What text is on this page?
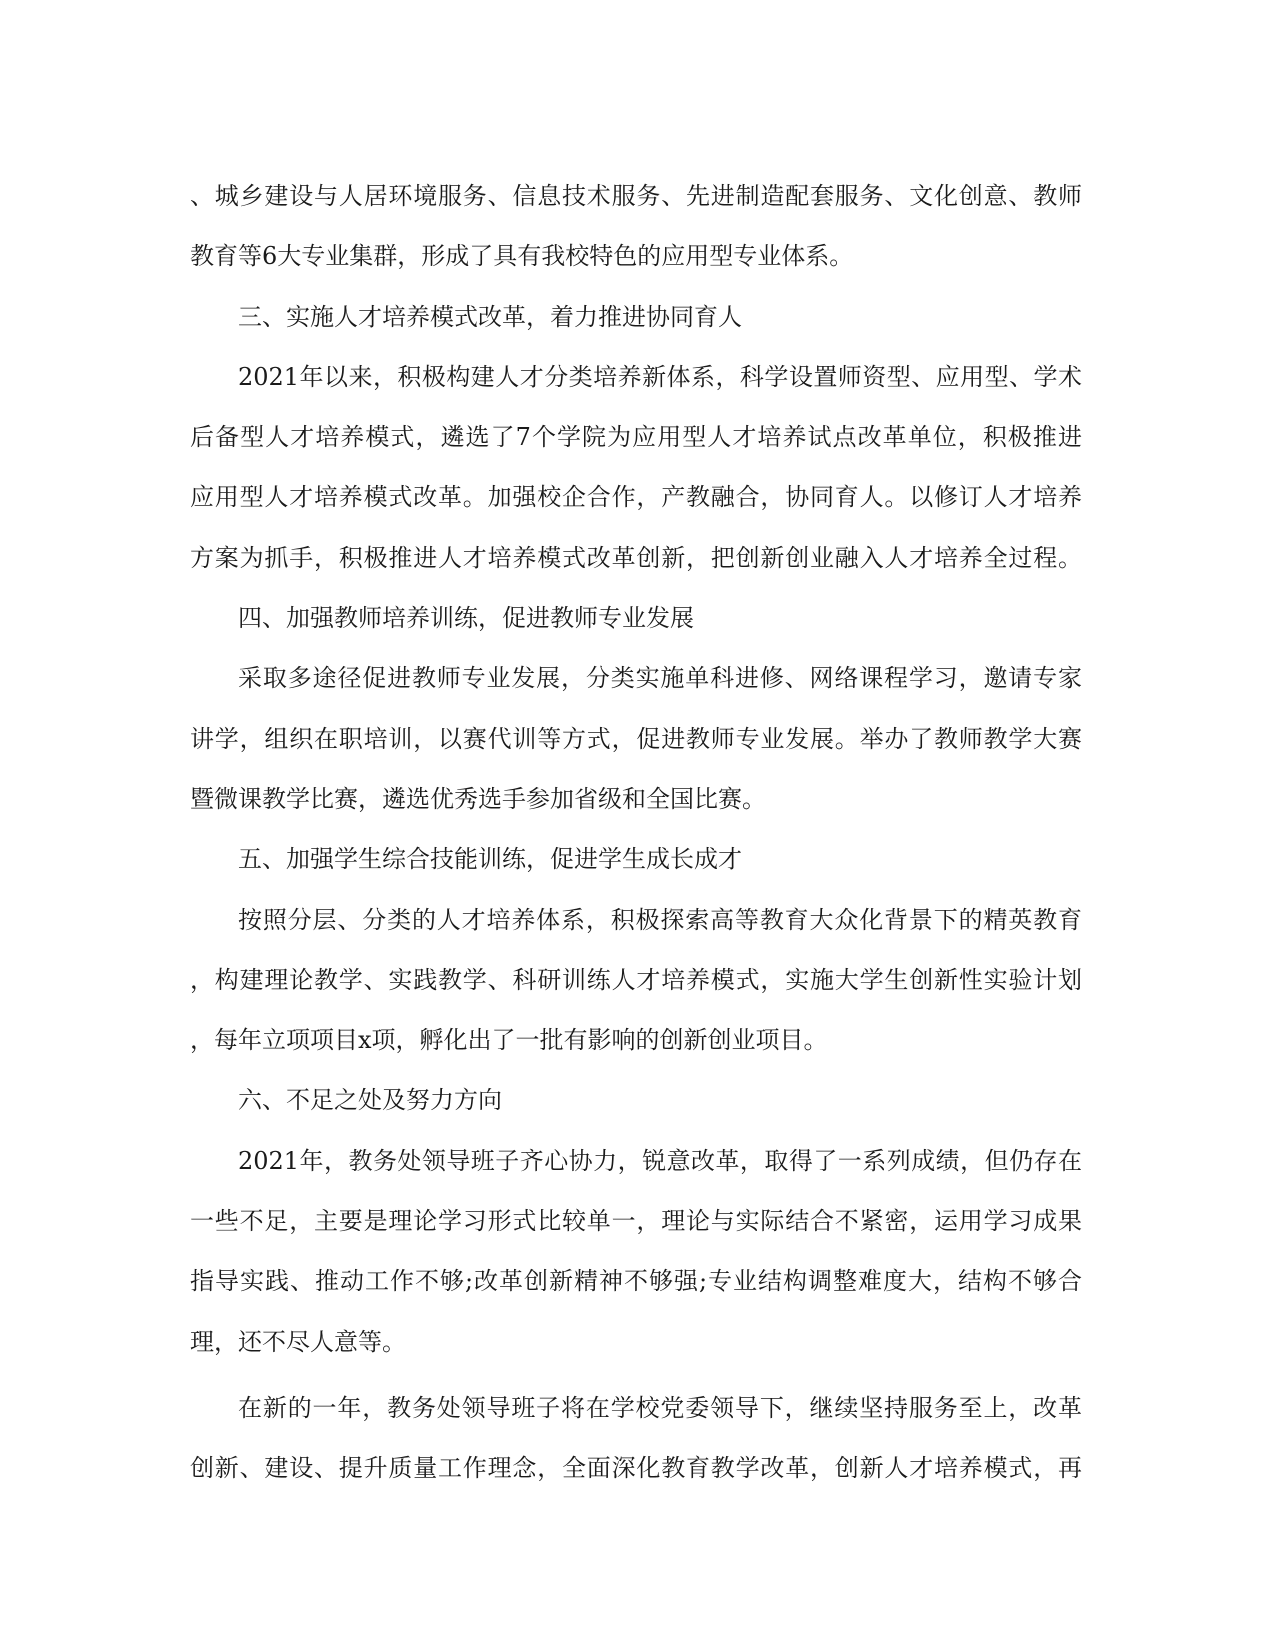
、城乡建设与人居环境服务、信息技术服务、先进制造配套服务、文化创意、教师
教育等6大专业集群，形成了具有我校特色的应用型专业体系。
三、实施人才培养模式改革，着力推进协同育人
2021年以来，积极构建人才分类培养新体系，科学设置师资型、应用型、学术
后备型人才培养模式，遴选了7个学院为应用型人才培养试点改革单位，积极推进
应用型人才培养模式改革。加强校企合作，产教融合，协同育人。以修订人才培养
方案为抓手，积极推进人才培养模式改革创新，把创新创业融入人才培养全过程。
四、加强教师培养训练，促进教师专业发展
采取多途径促进教师专业发展，分类实施单科进修、网络课程学习，邀请专家
讲学，组织在职培训，以赛代训等方式，促进教师专业发展。举办了教师教学大赛
暨微课教学比赛，遴选优秀选手参加省级和全国比赛。
五、加强学生综合技能训练，促进学生成长成才
按照分层、分类的人才培养体系，积极探索高等教育大众化背景下的精英教育
，构建理论教学、实践教学、科研训练人才培养模式，实施大学生创新性实验计划
，每年立项项目x项，孵化出了一批有影响的创新创业项目。
六、不足之处及努力方向
2021年，教务处领导班子齐心协力，锐意改革，取得了一系列成绩，但仍存在
一些不足，主要是理论学习形式比较单一，理论与实际结合不紧密，运用学习成果
指导实践、推动工作不够;改革创新精神不够强;专业结构调整难度大，结构不够合
理，还不尽人意等。
在新的一年，教务处领导班子将在学校党委领导下，继续坚持服务至上，改革
创新、建设、提升质量工作理念，全面深化教育教学改革，创新人才培养模式，再
